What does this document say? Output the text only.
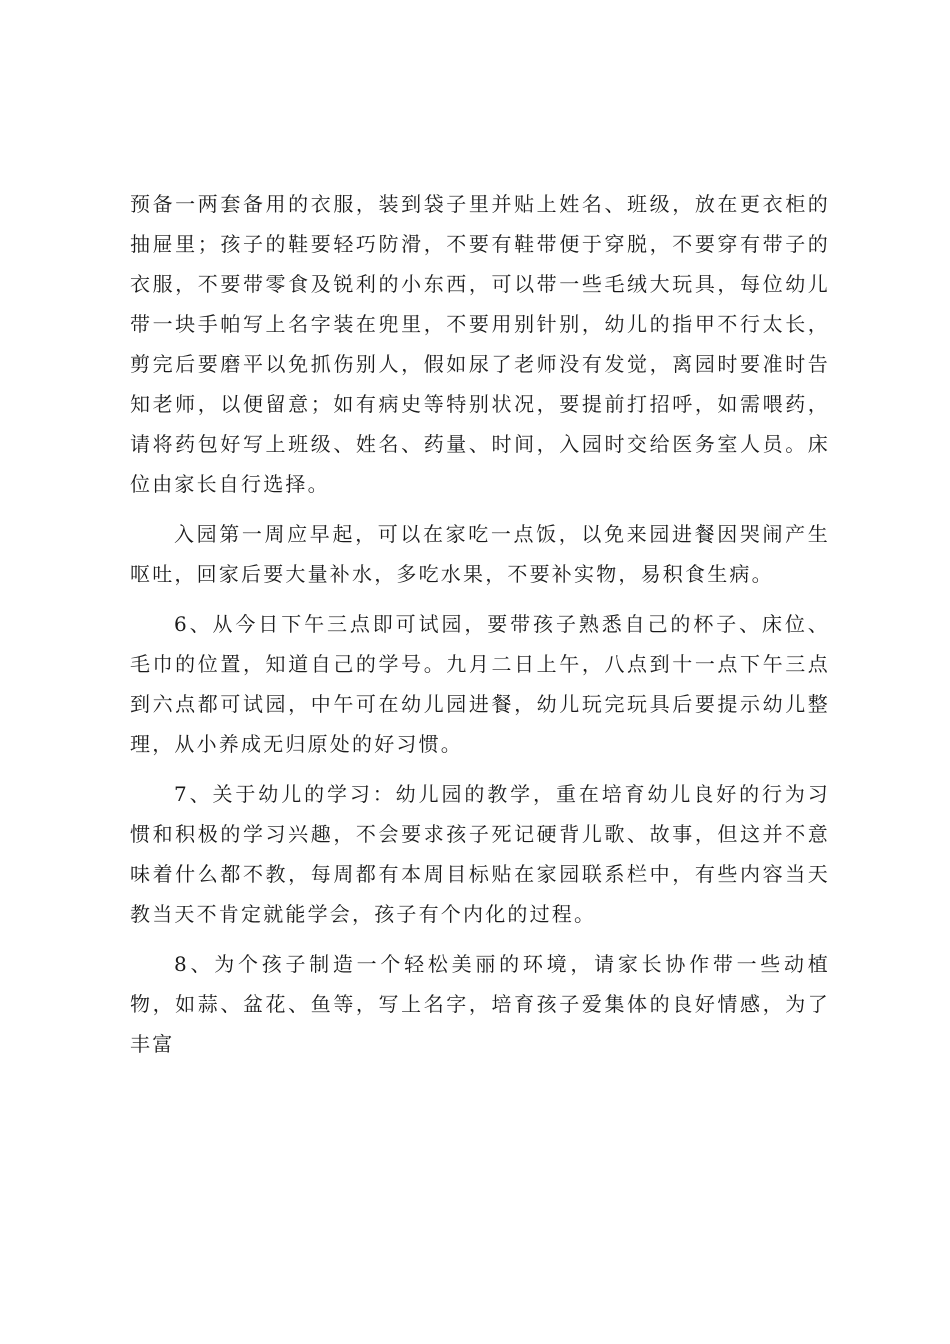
预备一两套备用的衣服，装到袋子里并贴上姓名、班级，放在更衣柜的抽屉里；孩子的鞋要轻巧防滑，不要有鞋带便于穿脱，不要穿有带子的衣服，不要带零食及锐利的小东西，可以带一些毛绒大玩具，每位幼儿带一块手帕写上名字装在兜里，不要用别针别，幼儿的指甲不行太长，剪完后要磨平以免抓伤别人，假如尿了老师没有发觉，离园时要准时告知老师，以便留意；如有病史等特别状况，要提前打招呼，如需喂药，请将药包好写上班级、姓名、药量、时间，入园时交给医务室人员。床位由家长自行选择。

入园第一周应早起，可以在家吃一点饭，以免来园进餐因哭闹产生呕吐，回家后要大量补水，多吃水果，不要补实物，易积食生病。

6、从今日下午三点即可试园，要带孩子熟悉自己的杯子、床位、毛巾的位置，知道自己的学号。九月二日上午，八点到十一点下午三点到六点都可试园，中午可在幼儿园进餐，幼儿玩完玩具后要提示幼儿整理，从小养成无归原处的好习惯。

7、关于幼儿的学习：幼儿园的教学，重在培育幼儿良好的行为习惯和积极的学习兴趣，不会要求孩子死记硬背儿歌、故事，但这并不意味着什么都不教，每周都有本周目标贴在家园联系栏中，有些内容当天教当天不肯定就能学会，孩子有个内化的过程。

8、为个孩子制造一个轻松美丽的环境，请家长协作带一些动植物，如蒜、盆花、鱼等，写上名字，培育孩子爱集体的良好情感，为了丰富
